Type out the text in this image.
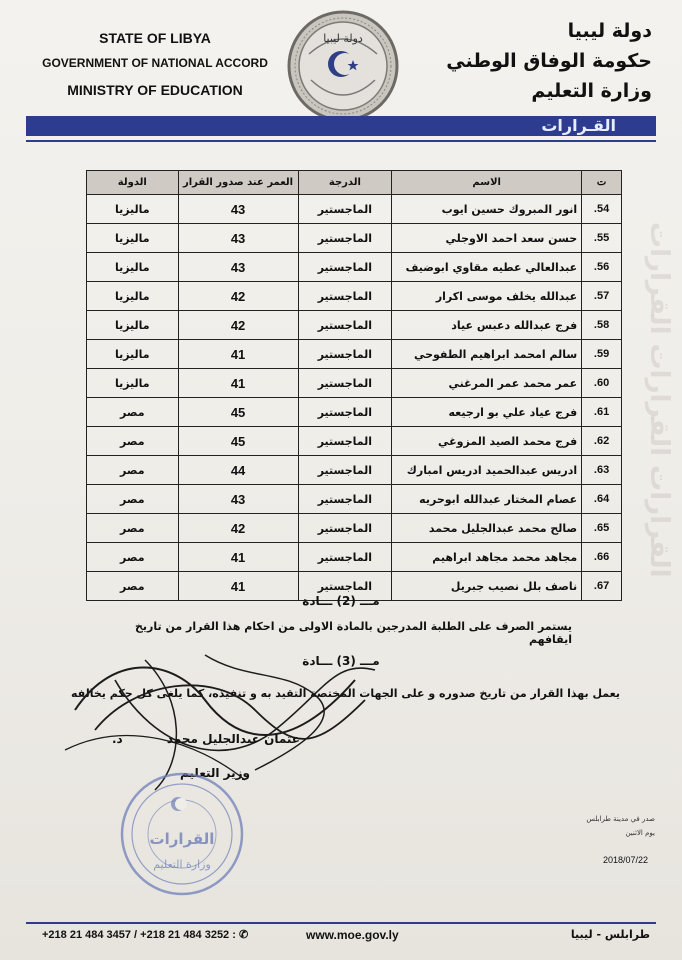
STATE OF LIBYA
GOVERNMENT OF NATIONAL ACCORD
MINISTRY OF EDUCATION
دولة ليبيا	دولة ليبيا
حكومة الوفاق الوطني
وزارة التعليم
القـرارات
القرارات القرارات القرارات
ت	الاسم	الدرجة	العمر عند صدور القرار	الدولة
54.	انور المبروك حسين ايوب	الماجستير	43	ماليزيا
55.	حسن سعد احمد الاوجلي	الماجستير	43	ماليزيا
56.	عبدالعالي عطيه مقاوي ابوضيف	الماجستير	43	ماليزيا
57.	عبدالله يخلف موسى اكرار	الماجستير	42	ماليزيا
58.	فرج عبدالله دعبس عياد	الماجستير	42	ماليزيا
59.	سالم امحمد ابراهيم الطفوحي	الماجستير	41	ماليزيا
60.	عمر محمد عمر المرغني	الماجستير	41	ماليزيا
61.	فرج عياد علي بو ارجيعه	الماجستير	45	مصر
62.	فرج محمد الصيد المزوغي	الماجستير	45	مصر
63.	ادريس عبدالحميد ادريس امبارك	الماجستير	44	مصر
64.	عصام المختار عبدالله ابوحريه	الماجستير	43	مصر
65.	صالح محمد عبدالجليل محمد	الماجستير	42	مصر
66.	مجاهد محمد مجاهد ابراهيم	الماجستير	41	مصر
67.	ناصف بلل نصيب جبريل	الماجستير	41	مصر
مـــ (2) ـــادة
يستمر الصرف على الطلبة المدرجين بالمادة الاولى من احكام هذا القرار من تاريخ ايقافهم
مـــ (3) ـــادة
يعمل بهذا القرار من تاريخ صدوره و على الجهات المختصة التقيد به و تنفيذه، كما يلغى كل حكم يخالفه
عثمان عبدالجليل محمد د.
وزير التعليم
القرارات
وزارة التعليم
صدر في مدينة طرابلس
يوم الاثنين
2018/07/22
+218 21 484 3457 / +218 21 484 3252 : ✆	www.moe.gov.ly	طرابلس - ليبيا
